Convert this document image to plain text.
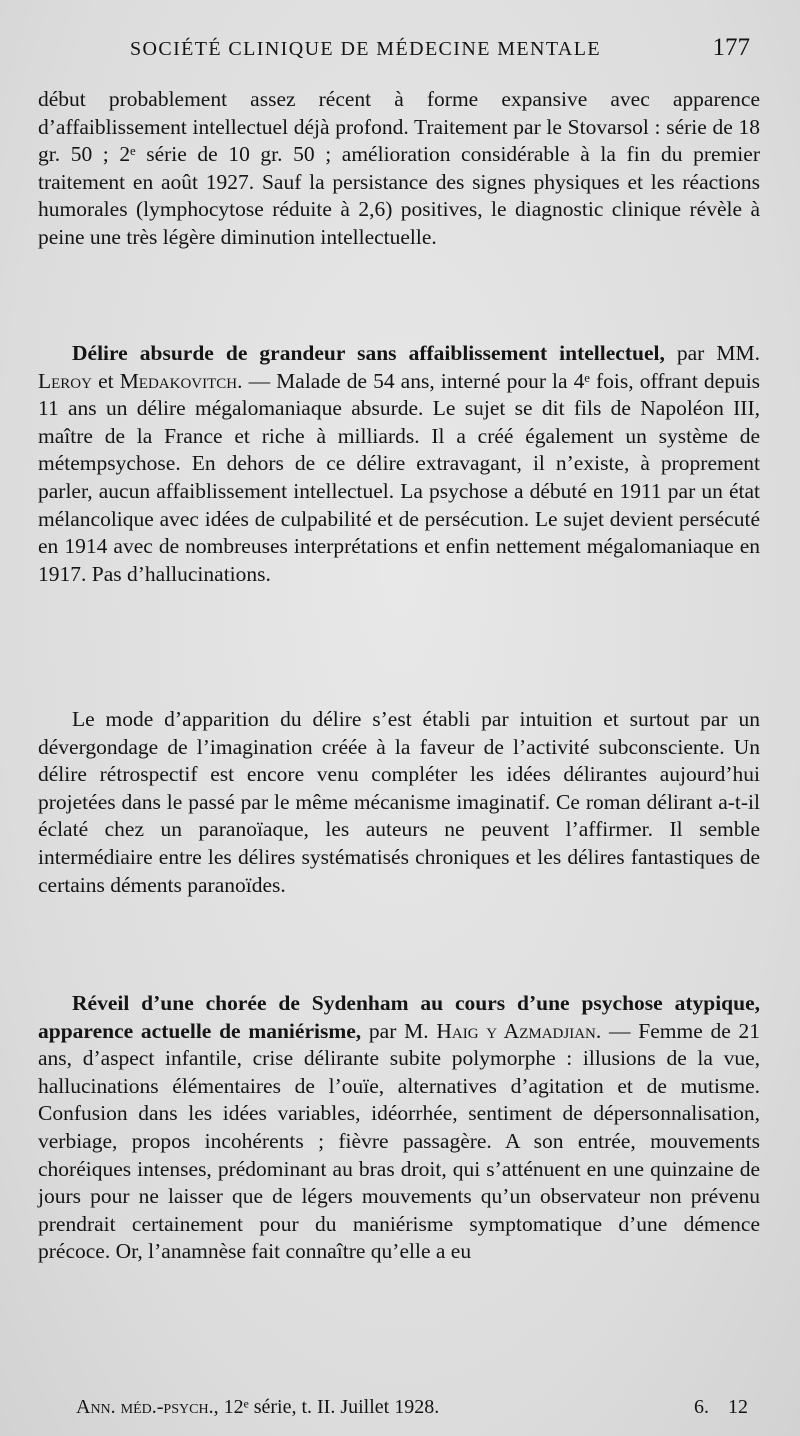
SOCIÉTÉ CLINIQUE DE MÉDECINE MENTALE	177

début probablement assez récent à forme expansive avec apparence d’affaiblissement intellectuel déjà profond. Traitement par le Stovarsol : série de 18 gr. 50 ; 2ᵉ série de 10 gr. 50 ; amélioration considérable à la fin du premier traitement en août 1927. Sauf la persistance des signes physiques et les réactions humorales (lymphocytose réduite à 2,6) positives, le diagnostic clinique révèle à peine une très légère diminution intellectuelle.

Délire absurde de grandeur sans affaiblissement intellectuel, par MM. Leroy et Medakovitch. — Malade de 54 ans, interné pour la 4ᵉ fois, offrant depuis 11 ans un délire mégalomaniaque absurde. Le sujet se dit fils de Napoléon III, maître de la France et riche à milliards. Il a créé également un système de métempsychose. En dehors de ce délire extravagant, il n’existe, à proprement parler, aucun affaiblissement intellectuel. La psychose a débuté en 1911 par un état mélancolique avec idées de culpabilité et de persécution. Le sujet devient persécuté en 1914 avec de nombreuses interprétations et enfin nettement mégalomaniaque en 1917. Pas d’hallucinations.

Le mode d’apparition du délire s’est établi par intuition et surtout par un dévergondage de l’imagination créée à la faveur de l’activité subconsciente. Un délire rétrospectif est encore venu compléter les idées délirantes aujourd’hui projetées dans le passé par le même mécanisme imaginatif. Ce roman délirant a-t-il éclaté chez un paranoïaque, les auteurs ne peuvent l’affirmer. Il semble intermédiaire entre les délires systématisés chroniques et les délires fantastiques de certains déments paranoïdes.

Réveil d’une chorée de Sydenham au cours d’une psychose atypique, apparence actuelle de maniérisme, par M. Haig y Azmadjian. — Femme de 21 ans, d’aspect infantile, crise délirante subite polymorphe : illusions de la vue, hallucinations élémentaires de l’ouïe, alternatives d’agitation et de mutisme. Confusion dans les idées variables, idéorrhée, sentiment de dépersonnalisation, verbiage, propos incohérents ; fièvre passagère. A son entrée, mouvements choréiques intenses, prédominant au bras droit, qui s’atténuent en une quinzaine de jours pour ne laisser que de légers mouvements qu’un observateur non prévenu prendrait certainement pour du maniérisme symptomatique d’une démence précoce. Or, l’anamnèse fait connaître qu’elle a eu

Ann. méd.-psych., 12ᵉ série, t. II. Juillet 1928.	6. 12
